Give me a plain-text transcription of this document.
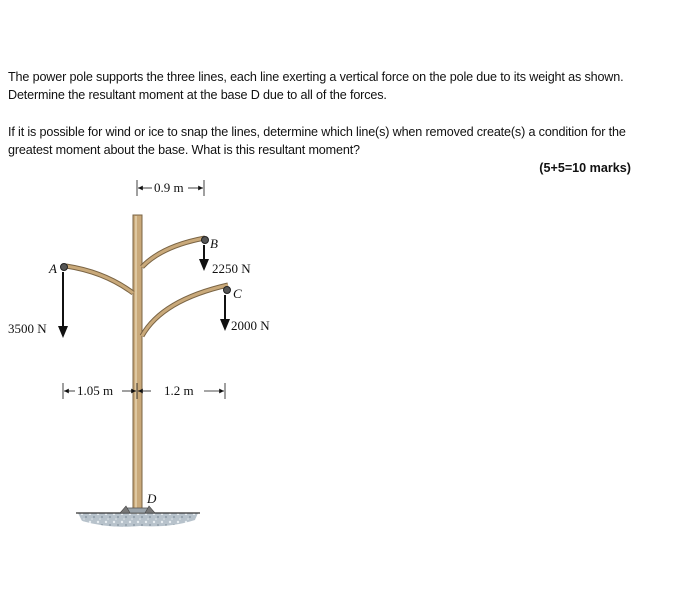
The power pole supports the three lines, each line exerting a vertical force on the pole due to its weight as shown. Determine the resultant moment at the base D due to all of the forces.

If it is possible for wind or ice to snap the lines, determine which line(s) when removed create(s) a condition for the greatest moment about the base. What is this resultant moment?

(5+5=10 marks)
0.9 m
1.05 m	1.2 m
B
A
C
D
2250 N
2000 N
3500 N
